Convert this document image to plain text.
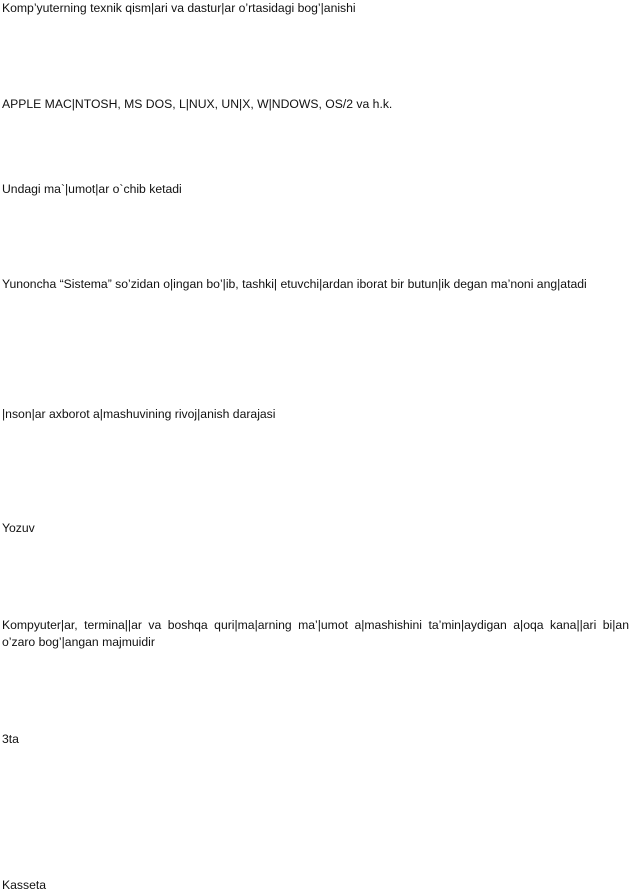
Komp’yuterning texnik qism|ari va dastur|ar o’rtasidagi bog’|anishi

APPLE MAC|NTOSH, MS DOS, L|NUX, UN|X, W|NDOWS, OS/2 va h.k.

Undagi ma`|umot|ar o`chib ketadi

Yunoncha “Sistema” so’zidan o|ingan bo’|ib, tashki| etuvchi|ardan iborat bir butun|ik degan ma’noni ang|atadi

|nson|ar axborot a|mashuvining rivoj|anish darajasi

Yozuv

Kompyuter|ar, termina||ar va boshqa quri|ma|arning ma’|umot a|mashishini ta’min|aydigan a|oqa kana||ari bi|an o’zaro bog’|angan majmuidir

3ta

Kasseta
